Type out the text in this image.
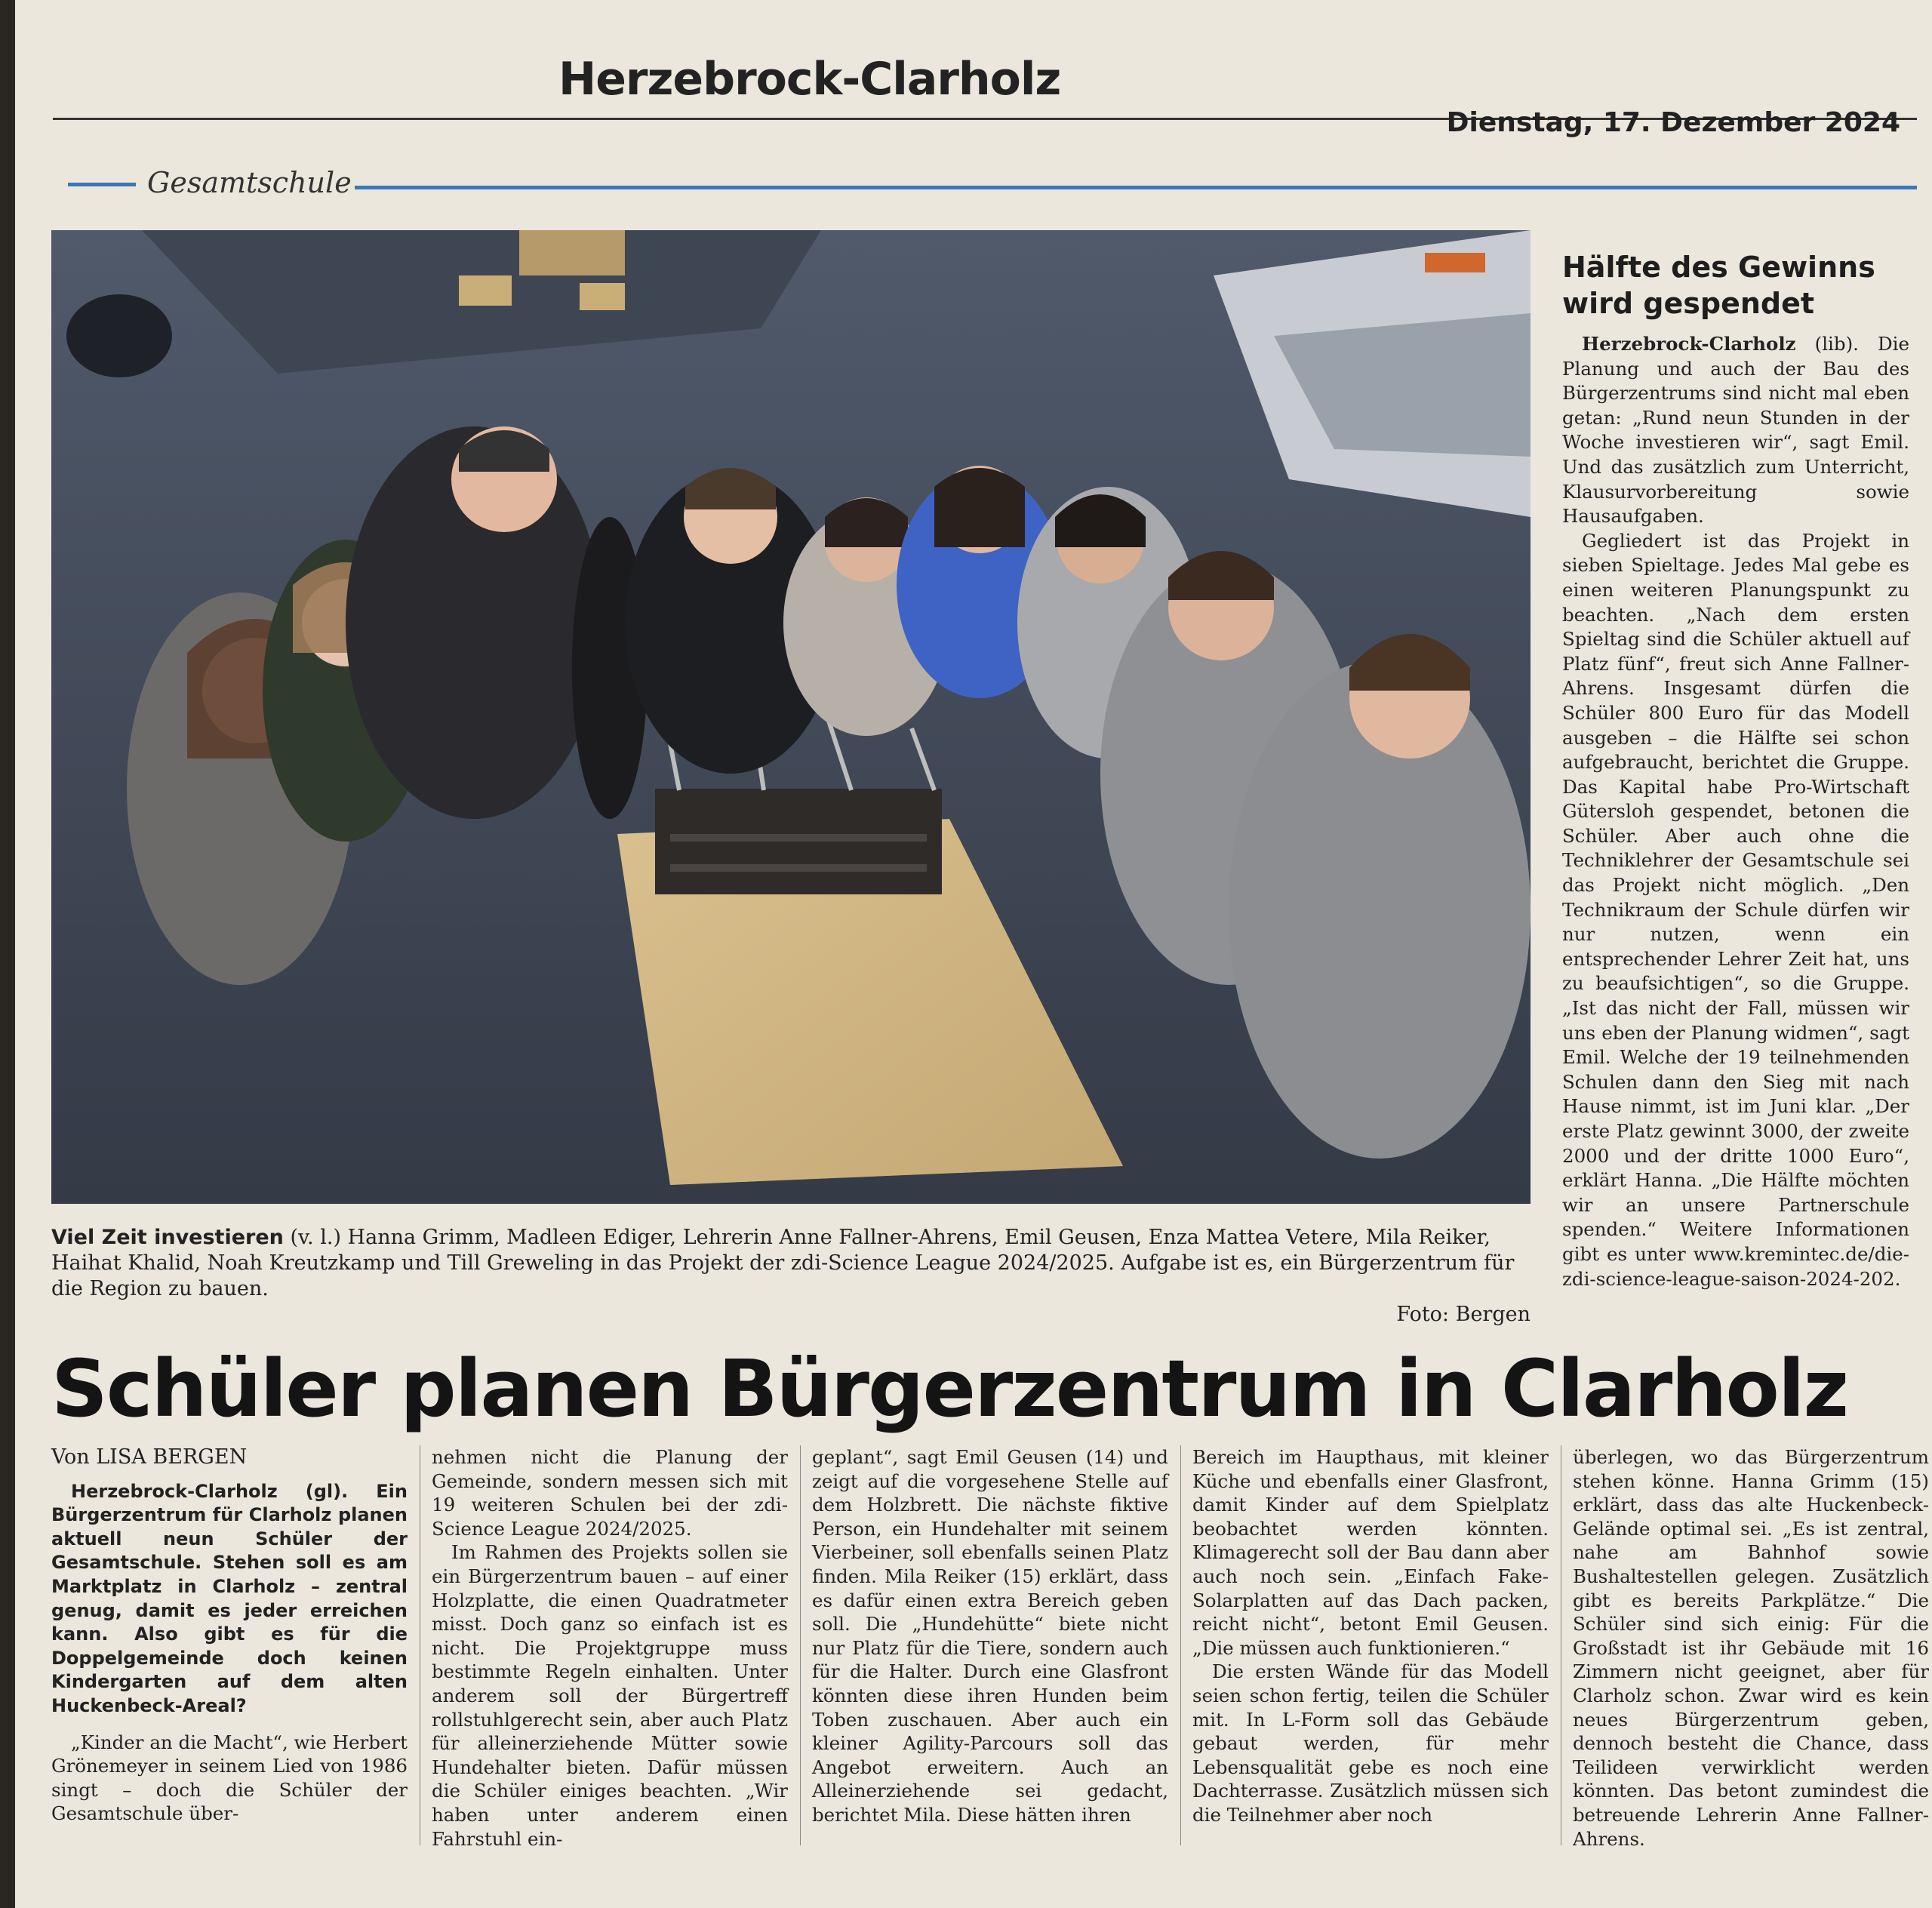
Herzebrock-Clarholz
Dienstag, 17. Dezember 2024
Gesamtschule
Viel Zeit investieren (v. l.) Hanna Grimm, Madleen Ediger, Lehrerin Anne Fallner-Ahrens, Emil Geusen, Enza Mattea Vetere, Mila Reiker, Haihat Khalid, Noah Kreutzkamp und Till Greweling in das Projekt der zdi-Science League 2024/2025. Aufgabe ist es, ein Bürgerzentrum für die Region zu bauen.
Foto: Bergen
Hälfte des Gewinns wird gespendet

Herzebrock-Clarholz (lib). Die Planung und auch der Bau des Bürgerzentrums sind nicht mal eben getan: „Rund neun Stunden in der Woche investieren wir“, sagt Emil. Und das zusätzlich zum Unterricht, Klausurvorbereitung sowie Hausaufgaben.

Gegliedert ist das Projekt in sieben Spieltage. Jedes Mal gebe es einen weiteren Planungspunkt zu beachten. „Nach dem ersten Spieltag sind die Schüler aktuell auf Platz fünf“, freut sich Anne Fallner-Ahrens. Insgesamt dürfen die Schüler 800 Euro für das Modell ausgeben – die Hälfte sei schon aufgebraucht, berichtet die Gruppe. Das Kapital habe Pro-Wirtschaft Gütersloh gespendet, betonen die Schüler. Aber auch ohne die Techniklehrer der Gesamtschule sei das Projekt nicht möglich. „Den Technikraum der Schule dürfen wir nur nutzen, wenn ein entsprechender Lehrer Zeit hat, uns zu beaufsichtigen“, so die Gruppe. „Ist das nicht der Fall, müssen wir uns eben der Planung widmen“, sagt Emil. Welche der 19 teilnehmenden Schulen dann den Sieg mit nach Hause nimmt, ist im Juni klar. „Der erste Platz gewinnt 3000, der zweite 2000 und der dritte 1000 Euro“, erklärt Hanna. „Die Hälfte möchten wir an unsere Partnerschule spenden.“ Weitere Informationen gibt es unter www.kremintec.de/die-zdi-science-league-saison-2024-202.

Schüler planen Bürgerzentrum in Clarholz

Von LISA BERGEN

Herzebrock-Clarholz (gl). Ein Bürgerzentrum für Clarholz planen aktuell neun Schüler der Gesamtschule. Stehen soll es am Marktplatz in Clarholz – zentral genug, damit es jeder erreichen kann. Also gibt es für die Doppelgemeinde doch keinen Kindergarten auf dem alten Huckenbeck-Areal?

„Kinder an die Macht“, wie Herbert Grönemeyer in seinem Lied von 1986 singt – doch die Schüler der Gesamtschule über-

nehmen nicht die Planung der Gemeinde, sondern messen sich mit 19 weiteren Schulen bei der zdi-Science League 2024/2025.

Im Rahmen des Projekts sollen sie ein Bürgerzentrum bauen – auf einer Holzplatte, die einen Quadratmeter misst. Doch ganz so einfach ist es nicht. Die Projektgruppe muss bestimmte Regeln einhalten. Unter anderem soll der Bürgertreff rollstuhlgerecht sein, aber auch Platz für alleinerziehende Mütter sowie Hundehalter bieten. Dafür müssen die Schüler einiges beachten. „Wir haben unter anderem einen Fahrstuhl ein-

geplant“, sagt Emil Geusen (14) und zeigt auf die vorgesehene Stelle auf dem Holzbrett. Die nächste fiktive Person, ein Hundehalter mit seinem Vierbeiner, soll ebenfalls seinen Platz finden. Mila Reiker (15) erklärt, dass es dafür einen extra Bereich geben soll. Die „Hundehütte“ biete nicht nur Platz für die Tiere, sondern auch für die Halter. Durch eine Glasfront könnten diese ihren Hunden beim Toben zuschauen. Aber auch ein kleiner Agility-Parcours soll das Angebot erweitern. Auch an Alleinerziehende sei gedacht, berichtet Mila. Diese hätten ihren

Bereich im Haupthaus, mit kleiner Küche und ebenfalls einer Glasfront, damit Kinder auf dem Spielplatz beobachtet werden könnten. Klimagerecht soll der Bau dann aber auch noch sein. „Einfach Fake-Solarplatten auf das Dach packen, reicht nicht“, betont Emil Geusen. „Die müssen auch funktionieren.“

Die ersten Wände für das Modell seien schon fertig, teilen die Schüler mit. In L-Form soll das Gebäude gebaut werden, für mehr Lebensqualität gebe es noch eine Dachterrasse. Zusätzlich müssen sich die Teilnehmer aber noch

überlegen, wo das Bürgerzentrum stehen könne. Hanna Grimm (15) erklärt, dass das alte Huckenbeck-Gelände optimal sei. „Es ist zentral, nahe am Bahnhof sowie Bushaltestellen gelegen. Zusätzlich gibt es bereits Parkplätze.“ Die Schüler sind sich einig: Für die Großstadt ist ihr Gebäude mit 16 Zimmern nicht geeignet, aber für Clarholz schon. Zwar wird es kein neues Bürgerzentrum geben, dennoch besteht die Chance, dass Teilideen verwirklicht werden könnten. Das betont zumindest die betreuende Lehrerin Anne Fallner-Ahrens.
